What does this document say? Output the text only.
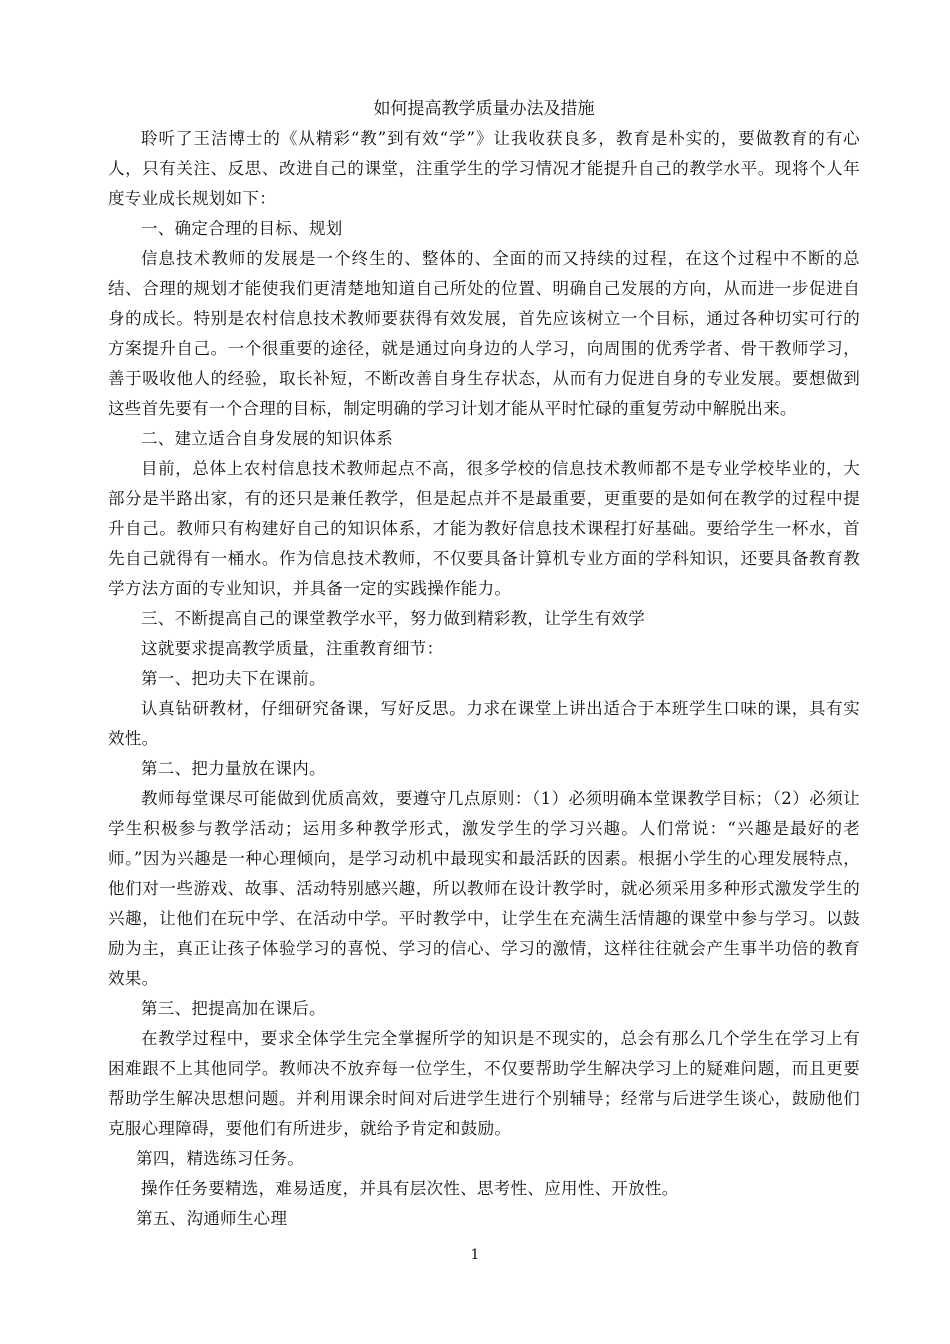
如何提高教学质量办法及措施

聆听了王洁博士的《从精彩“教”到有效“学”》让我收获良多，教育是朴实的，要做教育的有心人，只有关注、反思、改进自己的课堂，注重学生的学习情况才能提升自己的教学水平。现将个人年度专业成长规划如下：

一、确定合理的目标、规划

信息技术教师的发展是一个终生的、整体的、全面的而又持续的过程，在这个过程中不断的总结、合理的规划才能使我们更清楚地知道自己所处的位置、明确自己发展的方向，从而进一步促进自身的成长。特别是农村信息技术教师要获得有效发展，首先应该树立一个目标，通过各种切实可行的方案提升自己。一个很重要的途径，就是通过向身边的人学习，向周围的优秀学者、骨干教师学习，善于吸收他人的经验，取长补短，不断改善自身生存状态，从而有力促进自身的专业发展。要想做到这些首先要有一个合理的目标，制定明确的学习计划才能从平时忙碌的重复劳动中解脱出来。

二、建立适合自身发展的知识体系

目前，总体上农村信息技术教师起点不高，很多学校的信息技术教师都不是专业学校毕业的，大部分是半路出家，有的还只是兼任教学，但是起点并不是最重要，更重要的是如何在教学的过程中提升自己。教师只有构建好自己的知识体系，才能为教好信息技术课程打好基础。要给学生一杯水，首先自己就得有一桶水。作为信息技术教师，不仅要具备计算机专业方面的学科知识，还要具备教育教学方法方面的专业知识，并具备一定的实践操作能力。

三、不断提高自己的课堂教学水平，努力做到精彩教，让学生有效学

这就要求提高教学质量，注重教育细节：

第一、把功夫下在课前。

认真钻研教材，仔细研究备课，写好反思。力求在课堂上讲出适合于本班学生口味的课，具有实效性。

第二、把力量放在课内。

教师每堂课尽可能做到优质高效，要遵守几点原则：（1）必须明确本堂课教学目标；（2）必须让学生积极参与教学活动；运用多种教学形式，激发学生的学习兴趣。人们常说：“兴趣是最好的老师。”因为兴趣是一种心理倾向，是学习动机中最现实和最活跃的因素。根据小学生的心理发展特点，他们对一些游戏、故事、活动特别感兴趣，所以教师在设计教学时，就必须采用多种形式激发学生的兴趣，让他们在玩中学、在活动中学。平时教学中，让学生在充满生活情趣的课堂中参与学习。以鼓励为主，真正让孩子体验学习的喜悦、学习的信心、学习的激情，这样往往就会产生事半功倍的教育效果。

第三、把提高加在课后。

在教学过程中，要求全体学生完全掌握所学的知识是不现实的，总会有那么几个学生在学习上有困难跟不上其他同学。教师决不放弃每一位学生，不仅要帮助学生解决学习上的疑难问题，而且更要帮助学生解决思想问题。并利用课余时间对后进学生进行个别辅导；经常与后进学生谈心，鼓励他们克服心理障碍，要他们有所进步，就给予肯定和鼓励。

第四，精选练习任务。

操作任务要精选，难易适度，并具有层次性、思考性、应用性、开放性。

第五、沟通师生心理

1
